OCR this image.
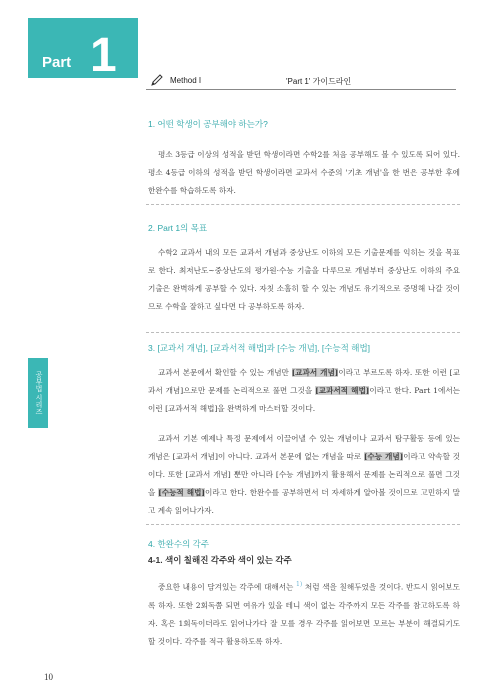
Part 1	Method I	'Part 1' 가이드라인
공부법 시리즈
10
1. 어떤 학생이 공부해야 하는가?

평소 3등급 이상의 성적을 받던 학생이라면 수학2를 처음 공부해도 볼 수 있도록 되어 있다. 평소 4등급 이하의 성적을 받던 학생이라면 교과서 수준의 '기초 개념'을 한 번은 공부한 후에 한완수를 학습하도록 하자.

2. Part 1의 목표

수학2 교과서 내의 모든 교과서 개념과 중상난도 이하의 모든 기출문제를 익히는 것을 목표로 한다. 최저난도~중상난도의 평가원·수능 기출을 다루므로 개념부터 중상난도 이하의 주요 기출은 완벽하게 공부할 수 있다. 자칫 소홀히 할 수 있는 개념도 유기적으로 증명해 나갈 것이므로 수학을 잘하고 싶다면 다 공부하도록 하자.

3. [교과서 개념], [교과서적 해법]과 [수능 개념], [수능적 해법]

교과서 본문에서 확인할 수 있는 개념만 [교과서 개념]이라고 부르도록 하자. 또한 이런 [교과서 개념]으로만 문제를 논리적으로 풀면 그것을 [교과서적 해법]이라고 한다. Part 1에서는 이런 [교과서적 해법]을 완벽하게 마스터할 것이다.

교과서 기본 예제나 특정 문제에서 이끌어낼 수 있는 개념이나 교과서 탐구활동 등에 있는 개념은 [교과서 개념]이 아니다. 교과서 본문에 없는 개념을 따로 [수능 개념]이라고 약속할 것이다. 또한 [교과서 개념] 뿐만 아니라 [수능 개념]까지 활용해서 문제를 논리적으로 풀면 그것을 [수능적 해법]이라고 한다. 한완수를 공부하면서 더 자세하게 알아볼 것이므로 고민하지 말고 계속 읽어나가자.

4. 한완수의 각주
4-1. 색이 칠해진 각주와 색이 있는 각주

중요한 내용이 담겨있는 각주에 대해서는 $^{1)}$ 처럼 색을 칠해두었을 것이다. 반드시 읽어보도록 하자. 또한 2회독쯤 되면 여유가 있을 테니 색이 없는 각주까지 모든 각주를 참고하도록 하자. 혹은 1회독이더라도 읽어나가다 잘 모를 경우 각주를 읽어보면 모르는 부분이 해결되기도 할 것이다. 각주를 적극 활용하도록 하자.
